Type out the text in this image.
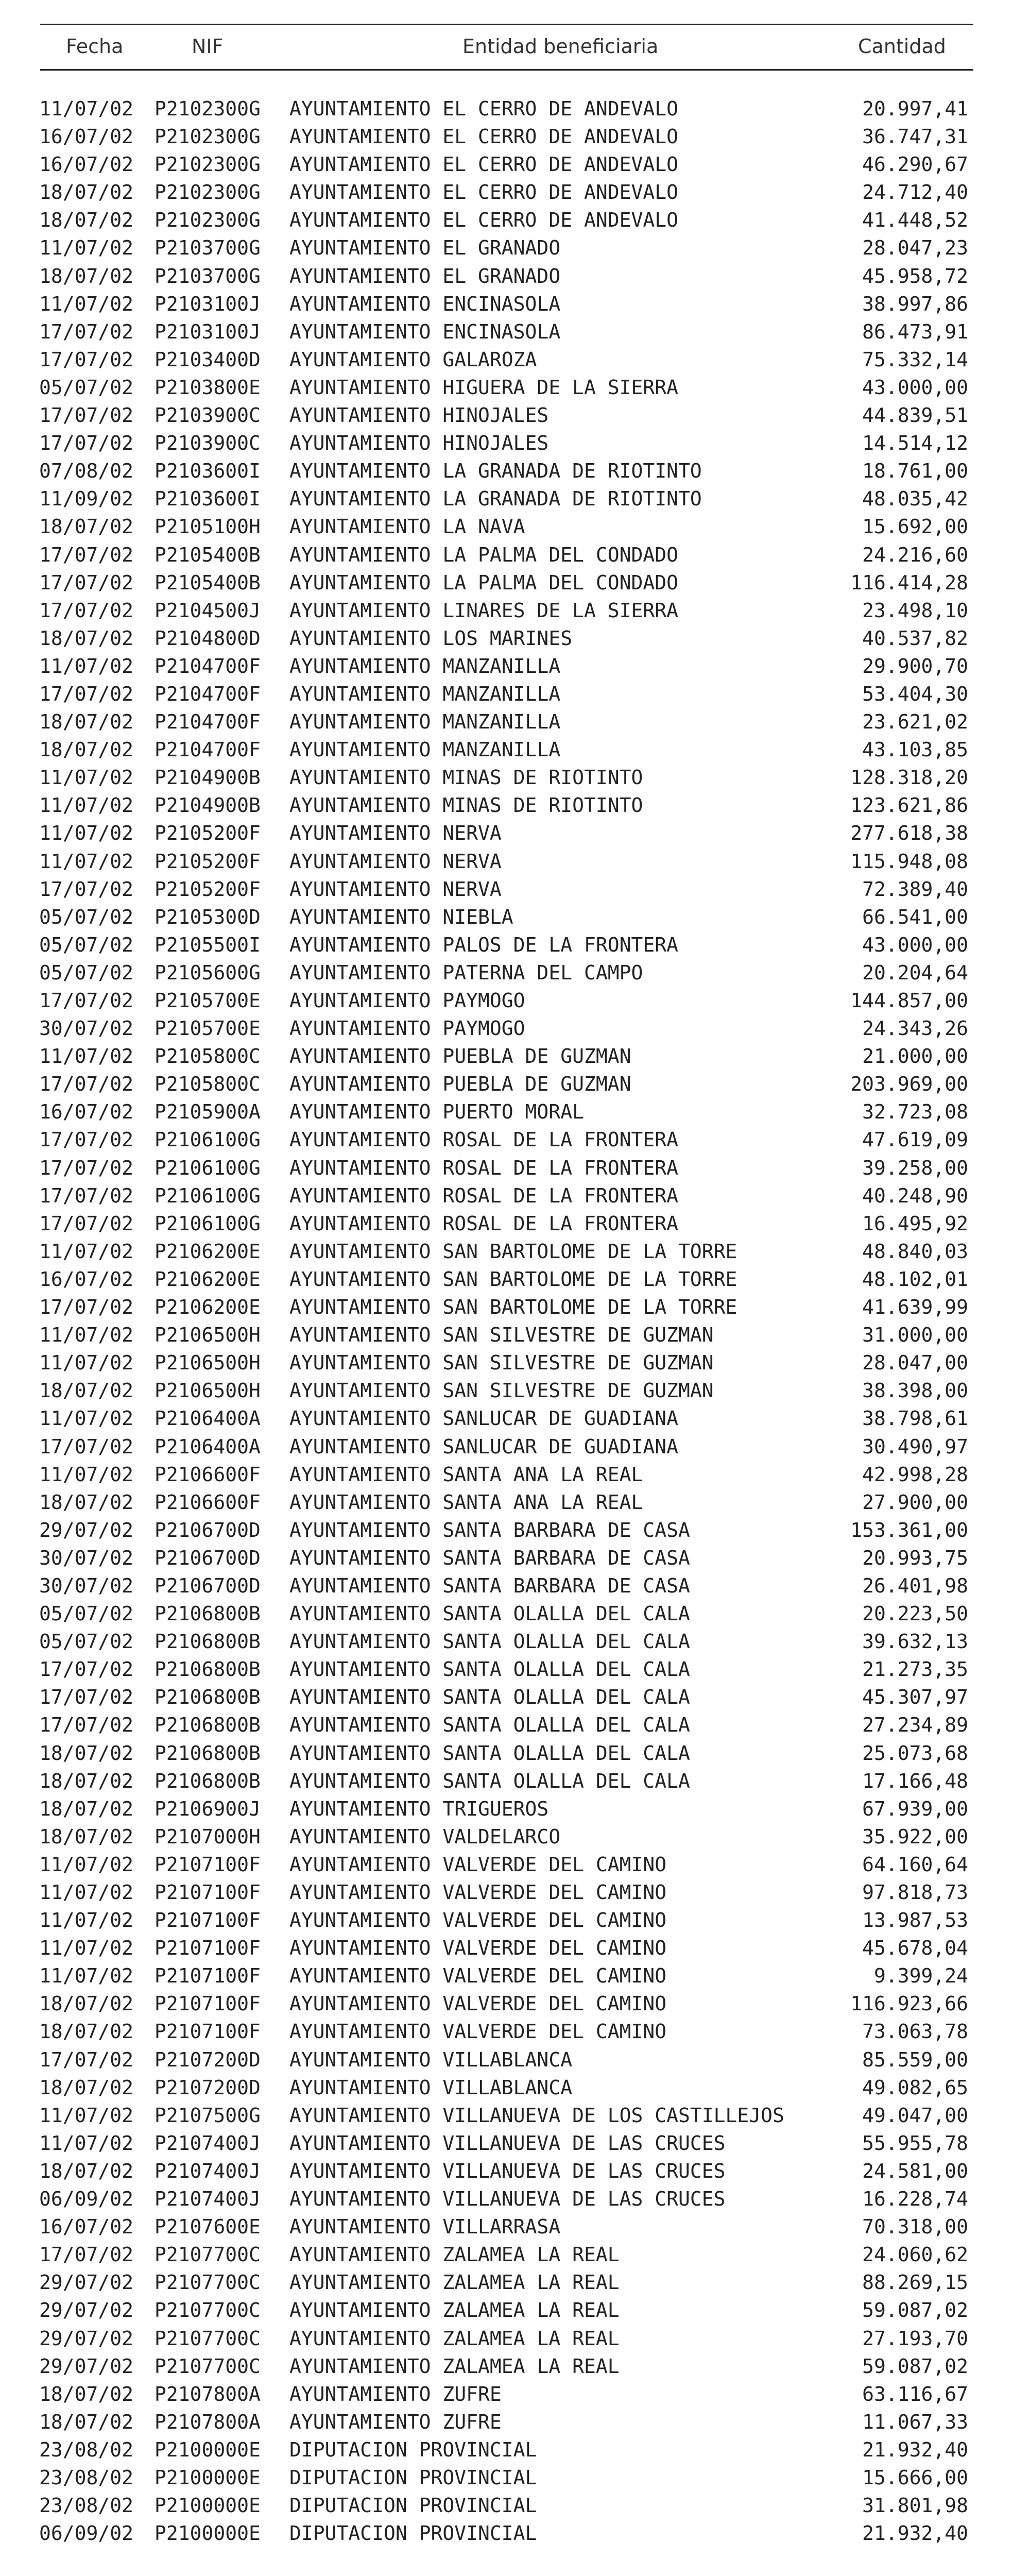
Fecha	NIF	Entidad beneficiaria	Cantidad
11/07/02 P2102300G AYUNTAMIENTO EL CERRO DE ANDEVALO	20.997,41
16/07/02 P2102300G AYUNTAMIENTO EL CERRO DE ANDEVALO	36.747,31
16/07/02 P2102300G AYUNTAMIENTO EL CERRO DE ANDEVALO	46.290,67
18/07/02 P2102300G AYUNTAMIENTO EL CERRO DE ANDEVALO	24.712,40
18/07/02 P2102300G AYUNTAMIENTO EL CERRO DE ANDEVALO	41.448,52
11/07/02 P2103700G AYUNTAMIENTO EL GRANADO	28.047,23
18/07/02 P2103700G AYUNTAMIENTO EL GRANADO	45.958,72
11/07/02 P2103100J AYUNTAMIENTO ENCINASOLA	38.997,86
17/07/02 P2103100J AYUNTAMIENTO ENCINASOLA	86.473,91
17/07/02 P2103400D AYUNTAMIENTO GALAROZA	75.332,14
05/07/02 P2103800E AYUNTAMIENTO HIGUERA DE LA SIERRA	43.000,00
17/07/02 P2103900C AYUNTAMIENTO HINOJALES	44.839,51
17/07/02 P2103900C AYUNTAMIENTO HINOJALES	14.514,12
07/08/02 P2103600I AYUNTAMIENTO LA GRANADA DE RIOTINTO	18.761,00
11/09/02 P2103600I AYUNTAMIENTO LA GRANADA DE RIOTINTO	48.035,42
18/07/02 P2105100H AYUNTAMIENTO LA NAVA	15.692,00
17/07/02 P2105400B AYUNTAMIENTO LA PALMA DEL CONDADO	24.216,60
17/07/02 P2105400B AYUNTAMIENTO LA PALMA DEL CONDADO	116.414,28
17/07/02 P2104500J AYUNTAMIENTO LINARES DE LA SIERRA	23.498,10
18/07/02 P2104800D AYUNTAMIENTO LOS MARINES	40.537,82
11/07/02 P2104700F AYUNTAMIENTO MANZANILLA	29.900,70
17/07/02 P2104700F AYUNTAMIENTO MANZANILLA	53.404,30
18/07/02 P2104700F AYUNTAMIENTO MANZANILLA	23.621,02
18/07/02 P2104700F AYUNTAMIENTO MANZANILLA	43.103,85
11/07/02 P2104900B AYUNTAMIENTO MINAS DE RIOTINTO	128.318,20
11/07/02 P2104900B AYUNTAMIENTO MINAS DE RIOTINTO	123.621,86
11/07/02 P2105200F AYUNTAMIENTO NERVA	277.618,38
11/07/02 P2105200F AYUNTAMIENTO NERVA	115.948,08
17/07/02 P2105200F AYUNTAMIENTO NERVA	72.389,40
05/07/02 P2105300D AYUNTAMIENTO NIEBLA	66.541,00
05/07/02 P2105500I AYUNTAMIENTO PALOS DE LA FRONTERA	43.000,00
05/07/02 P2105600G AYUNTAMIENTO PATERNA DEL CAMPO	20.204,64
17/07/02 P2105700E AYUNTAMIENTO PAYMOGO	144.857,00
30/07/02 P2105700E AYUNTAMIENTO PAYMOGO	24.343,26
11/07/02 P2105800C AYUNTAMIENTO PUEBLA DE GUZMAN	21.000,00
17/07/02 P2105800C AYUNTAMIENTO PUEBLA DE GUZMAN	203.969,00
16/07/02 P2105900A AYUNTAMIENTO PUERTO MORAL	32.723,08
17/07/02 P2106100G AYUNTAMIENTO ROSAL DE LA FRONTERA	47.619,09
17/07/02 P2106100G AYUNTAMIENTO ROSAL DE LA FRONTERA	39.258,00
17/07/02 P2106100G AYUNTAMIENTO ROSAL DE LA FRONTERA	40.248,90
17/07/02 P2106100G AYUNTAMIENTO ROSAL DE LA FRONTERA	16.495,92
11/07/02 P2106200E AYUNTAMIENTO SAN BARTOLOME DE LA TORRE	48.840,03
16/07/02 P2106200E AYUNTAMIENTO SAN BARTOLOME DE LA TORRE	48.102,01
17/07/02 P2106200E AYUNTAMIENTO SAN BARTOLOME DE LA TORRE	41.639,99
11/07/02 P2106500H AYUNTAMIENTO SAN SILVESTRE DE GUZMAN	31.000,00
11/07/02 P2106500H AYUNTAMIENTO SAN SILVESTRE DE GUZMAN	28.047,00
18/07/02 P2106500H AYUNTAMIENTO SAN SILVESTRE DE GUZMAN	38.398,00
11/07/02 P2106400A AYUNTAMIENTO SANLUCAR DE GUADIANA	38.798,61
17/07/02 P2106400A AYUNTAMIENTO SANLUCAR DE GUADIANA	30.490,97
11/07/02 P2106600F AYUNTAMIENTO SANTA ANA LA REAL	42.998,28
18/07/02 P2106600F AYUNTAMIENTO SANTA ANA LA REAL	27.900,00
29/07/02 P2106700D AYUNTAMIENTO SANTA BARBARA DE CASA	153.361,00
30/07/02 P2106700D AYUNTAMIENTO SANTA BARBARA DE CASA	20.993,75
30/07/02 P2106700D AYUNTAMIENTO SANTA BARBARA DE CASA	26.401,98
05/07/02 P2106800B AYUNTAMIENTO SANTA OLALLA DEL CALA	20.223,50
05/07/02 P2106800B AYUNTAMIENTO SANTA OLALLA DEL CALA	39.632,13
17/07/02 P2106800B AYUNTAMIENTO SANTA OLALLA DEL CALA	21.273,35
17/07/02 P2106800B AYUNTAMIENTO SANTA OLALLA DEL CALA	45.307,97
17/07/02 P2106800B AYUNTAMIENTO SANTA OLALLA DEL CALA	27.234,89
18/07/02 P2106800B AYUNTAMIENTO SANTA OLALLA DEL CALA	25.073,68
18/07/02 P2106800B AYUNTAMIENTO SANTA OLALLA DEL CALA	17.166,48
18/07/02 P2106900J AYUNTAMIENTO TRIGUEROS	67.939,00
18/07/02 P2107000H AYUNTAMIENTO VALDELARCO	35.922,00
11/07/02 P2107100F AYUNTAMIENTO VALVERDE DEL CAMINO	64.160,64
11/07/02 P2107100F AYUNTAMIENTO VALVERDE DEL CAMINO	97.818,73
11/07/02 P2107100F AYUNTAMIENTO VALVERDE DEL CAMINO	13.987,53
11/07/02 P2107100F AYUNTAMIENTO VALVERDE DEL CAMINO	45.678,04
11/07/02 P2107100F AYUNTAMIENTO VALVERDE DEL CAMINO	9.399,24
18/07/02 P2107100F AYUNTAMIENTO VALVERDE DEL CAMINO	116.923,66
18/07/02 P2107100F AYUNTAMIENTO VALVERDE DEL CAMINO	73.063,78
17/07/02 P2107200D AYUNTAMIENTO VILLABLANCA	85.559,00
18/07/02 P2107200D AYUNTAMIENTO VILLABLANCA	49.082,65
11/07/02 P2107500G AYUNTAMIENTO VILLANUEVA DE LOS CASTILLEJOS	49.047,00
11/07/02 P2107400J AYUNTAMIENTO VILLANUEVA DE LAS CRUCES	55.955,78
18/07/02 P2107400J AYUNTAMIENTO VILLANUEVA DE LAS CRUCES	24.581,00
06/09/02 P2107400J AYUNTAMIENTO VILLANUEVA DE LAS CRUCES	16.228,74
16/07/02 P2107600E AYUNTAMIENTO VILLARRASA	70.318,00
17/07/02 P2107700C AYUNTAMIENTO ZALAMEA LA REAL	24.060,62
29/07/02 P2107700C AYUNTAMIENTO ZALAMEA LA REAL	88.269,15
29/07/02 P2107700C AYUNTAMIENTO ZALAMEA LA REAL	59.087,02
29/07/02 P2107700C AYUNTAMIENTO ZALAMEA LA REAL	27.193,70
29/07/02 P2107700C AYUNTAMIENTO ZALAMEA LA REAL	59.087,02
18/07/02 P2107800A AYUNTAMIENTO ZUFRE	63.116,67
18/07/02 P2107800A AYUNTAMIENTO ZUFRE	11.067,33
23/08/02 P2100000E DIPUTACION PROVINCIAL	21.932,40
23/08/02 P2100000E DIPUTACION PROVINCIAL	15.666,00
23/08/02 P2100000E DIPUTACION PROVINCIAL	31.801,98
06/09/02 P2100000E DIPUTACION PROVINCIAL	21.932,40
